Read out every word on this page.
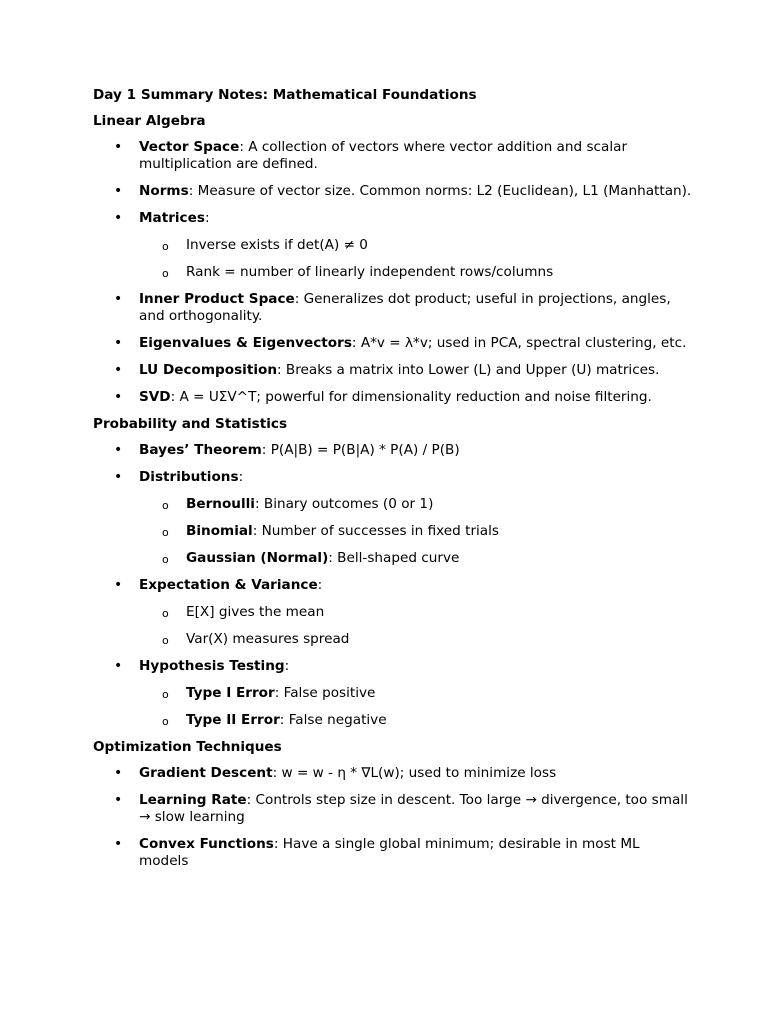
Day 1 Summary Notes: Mathematical Foundations

Linear Algebra

• Vector Space: A collection of vectors where vector addition and scalar multiplication are defined.
• Norms: Measure of vector size. Common norms: L2 (Euclidean), L1 (Manhattan).
• Matrices:
o Inverse exists if det(A) ≠ 0
o Rank = number of linearly independent rows/columns
• Inner Product Space: Generalizes dot product; useful in projections, angles, and orthogonality.
• Eigenvalues & Eigenvectors: A*v = λ*v; used in PCA, spectral clustering, etc.
• LU Decomposition: Breaks a matrix into Lower (L) and Upper (U) matrices.
• SVD: A = UΣV^T; powerful for dimensionality reduction and noise filtering.

Probability and Statistics

• Bayes’ Theorem: P(A|B) = P(B|A) * P(A) / P(B)
• Distributions:
o Bernoulli: Binary outcomes (0 or 1)
o Binomial: Number of successes in fixed trials
o Gaussian (Normal): Bell-shaped curve
• Expectation & Variance:
o E[X] gives the mean
o Var(X) measures spread
• Hypothesis Testing:
o Type I Error: False positive
o Type II Error: False negative

Optimization Techniques

• Gradient Descent: w = w - η * ∇L(w); used to minimize loss
• Learning Rate: Controls step size in descent. Too large → divergence, too small → slow learning
• Convex Functions: Have a single global minimum; desirable in most ML models
